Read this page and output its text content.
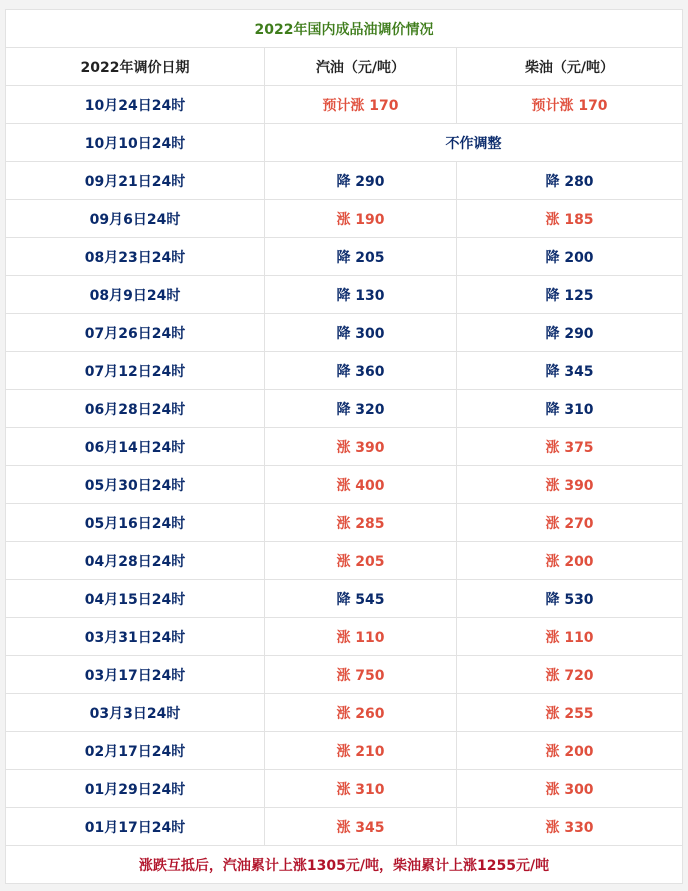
2022年国内成品油调价情况		
2022年调价日期	汽油（元/吨）	柴油（元/吨）
10月24日24时	预计涨 170	预计涨 170
10月10日24时	不作调整	
09月21日24时	降 290	降 280
09月6日24时	涨 190	涨 185
08月23日24时	降 205	降 200
08月9日24时	降 130	降 125
07月26日24时	降 300	降 290
07月12日24时	降 360	降 345
06月28日24时	降 320	降 310
06月14日24时	涨 390	涨 375
05月30日24时	涨 400	涨 390
05月16日24时	涨 285	涨 270
04月28日24时	涨 205	涨 200
04月15日24时	降 545	降 530
03月31日24时	涨 110	涨 110
03月17日24时	涨 750	涨 720
03月3日24时	涨 260	涨 255
02月17日24时	涨 210	涨 200
01月29日24时	涨 310	涨 300
01月17日24时	涨 345	涨 330
涨跌互抵后，汽油累计上涨1305元/吨，柴油累计上涨1255元/吨		
